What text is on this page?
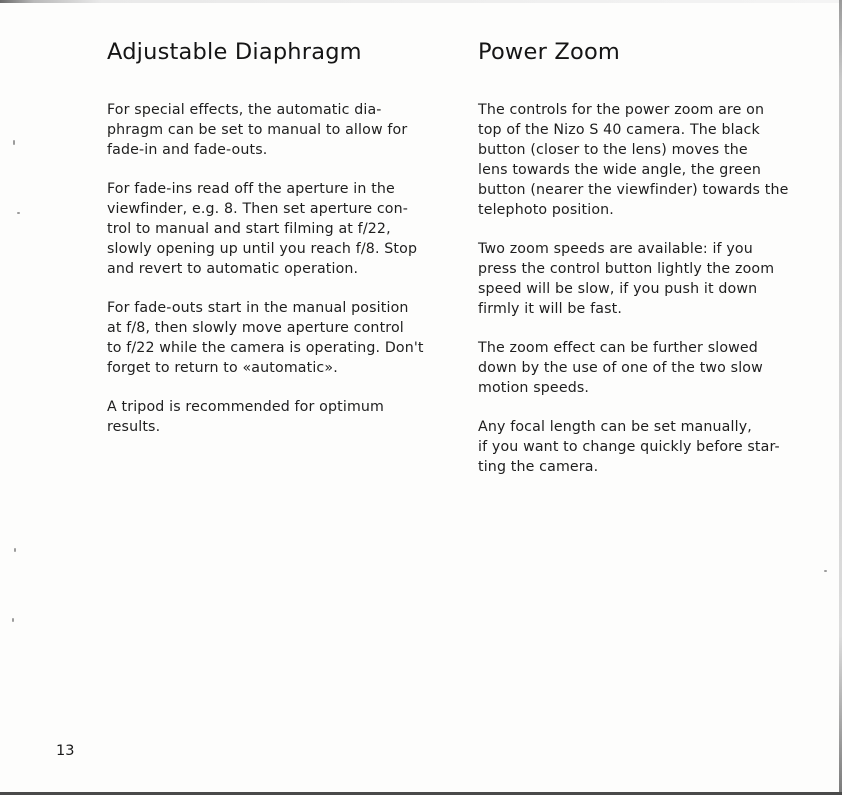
Adjustable Diaphragm

For special effects, the automatic dia-
phragm can be set to manual to allow for
fade-in and fade-outs.

For fade-ins read off the aperture in the
viewfinder, e.g. 8. Then set aperture con-
trol to manual and start filming at f/22,
slowly opening up until you reach f/8. Stop
and revert to automatic operation.

For fade-outs start in the manual position
at f/8, then slowly move aperture control
to f/22 while the camera is operating. Don't
forget to return to «automatic».

A tripod is recommended for optimum
results.

Power Zoom

The controls for the power zoom are on
top of the Nizo S 40 camera. The black
button (closer to the lens) moves the
lens towards the wide angle, the green
button (nearer the viewfinder) towards the
telephoto position.

Two zoom speeds are available: if you
press the control button lightly the zoom
speed will be slow, if you push it down
firmly it will be fast.

The zoom effect can be further slowed
down by the use of one of the two slow
motion speeds.

Any focal length can be set manually,
if you want to change quickly before star-
ting the camera.

13
